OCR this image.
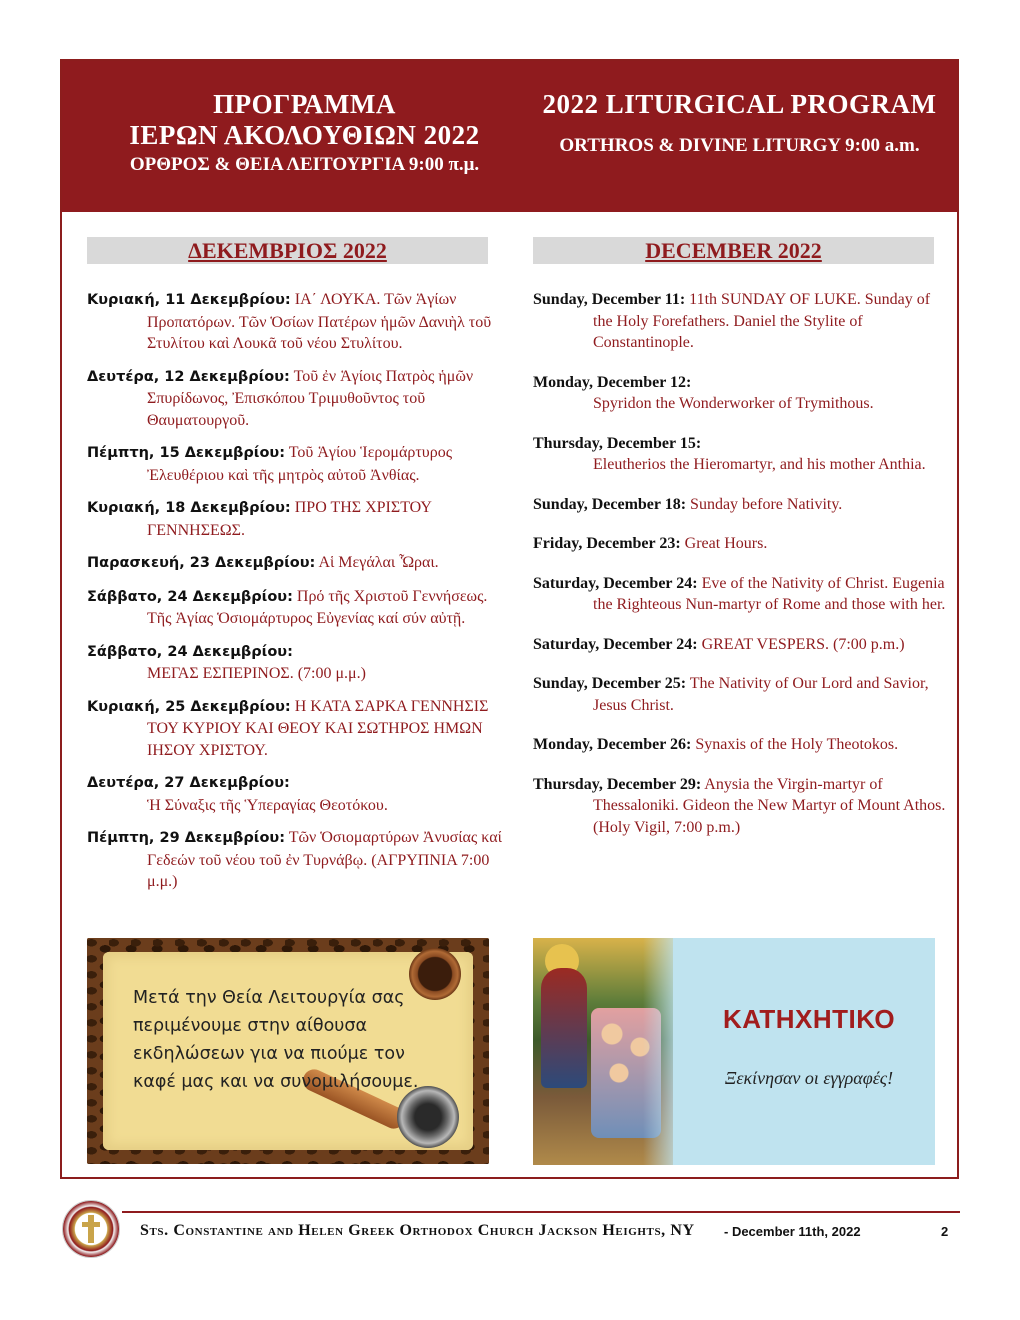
ΠΡΟΓΡΑΜΜΑ
ΙΕΡΩΝ ΑΚΟΛΟΥΘΙΩΝ 2022
ΟΡΘΡΟΣ & ΘΕΙΑ ΛΕΙΤΟΥΡΓΙΑ 9:00 π.μ.
2022 LITURGICAL PROGRAM
ORTHROS & DIVINE LITURGY 9:00 a.m.
ΔΕΚΕΜΒΡΙΟΣ 2022	DECEMBER 2022
Κυριακή, 11 Δεκεμβρίου: ΙΑ΄ ΛΟΥΚΑ. Τῶν Ἁγίων Προπατόρων. Τῶν Ὁσίων Πατέρων ἡμῶν Δανιὴλ τοῦ Στυλίτου καὶ Λουκᾶ τοῦ νέου Στυλίτου.
Δευτέρα, 12 Δεκεμβρίου: Τοῦ ἐν Ἁγίοις Πατρὸς ἡμῶν Σπυρίδωνος, Ἐπισκόπου Τριμυθοῦντος τοῦ Θαυματουργοῦ.
Πέμπτη, 15 Δεκεμβρίου: Τοῦ Ἁγίου Ἱερομάρτυρος Ἐλευθέριου καὶ τῆς μητρὸς αὐτοῦ Ἀνθίας.
Κυριακή, 18 Δεκεμβρίου: ΠΡΟ ΤΗΣ ΧΡΙΣΤΟΥ ΓΕΝΝΗΣΕΩΣ.
Παρασκευή, 23 Δεκεμβρίου: Αἱ Μεγάλαι Ὧραι.
Σάββατο, 24 Δεκεμβρίου: Πρό τῆς Χριστοῦ Γεννήσεως. Τῆς Ἁγίας Ὁσιομάρτυρος Εὐγενίας καί σύν αὐτῇ.
Σάββατο, 24 Δεκεμβρίου:
ΜΕΓΑΣ ΕΣΠΕΡΙΝΟΣ. (7:00 μ.μ.)
Κυριακή, 25 Δεκεμβρίου: Η ΚΑΤΑ ΣΑΡΚΑ ΓΕΝΝΗΣΙΣ ΤΟΥ ΚΥΡΙΟΥ ΚΑΙ ΘΕΟΥ ΚΑΙ ΣΩΤΗΡΟΣ ΗΜΩΝ ΙΗΣΟΥ ΧΡΙΣΤΟΥ.
Δευτέρα, 27 Δεκεμβρίου:
Ἡ Σύναξις τῆς Ὑπεραγίας Θεοτόκου.
Πέμπτη, 29 Δεκεμβρίου: Τῶν Ὁσιομαρτύρων Ἀνυσίας καί Γεδεών τοῦ νέου τοῦ ἐν Τυρνάβῳ. (ΑΓΡΥΠΝΙΑ 7:00 μ.μ.)
Sunday, December 11: 11th SUNDAY OF LUKE. Sunday of the Holy Forefathers. Daniel the Stylite of Constantinople.
Monday, December 12:
Spyridon the Wonderworker of Trymithous.
Thursday, December 15:
Eleutherios the Hieromartyr, and his mother Anthia.
Sunday, December 18: Sunday before Nativity.
Friday, December 23: Great Hours.
Saturday, December 24: Eve of the Nativity of Christ. Eugenia the Righteous Nun-martyr of Rome and those with her.
Saturday, December 24: GREAT VESPERS. (7:00 p.m.)
Sunday, December 25: The Nativity of Our Lord and Savior, Jesus Christ.
Monday, December 26: Synaxis of the Holy Theotokos.
Thursday, December 29: Anysia the Virgin-martyr of Thessaloniki. Gideon the New Martyr of Mount Athos. (Holy Vigil, 7:00 p.m.)
Μετά την Θεία Λειτουργία σας περιμένουμε στην αίθουσα εκδηλώσεων για να πιούμε τον καφέ μας και να συνομιλήσουμε.
ΚΑΤΗΧΗΤΙΚΟ
Ξεκίνησαν οι εγγραφές!
Sts. Constantine and Helen Greek Orthodox Church Jackson Heights, NY - December 11th, 2022	2
